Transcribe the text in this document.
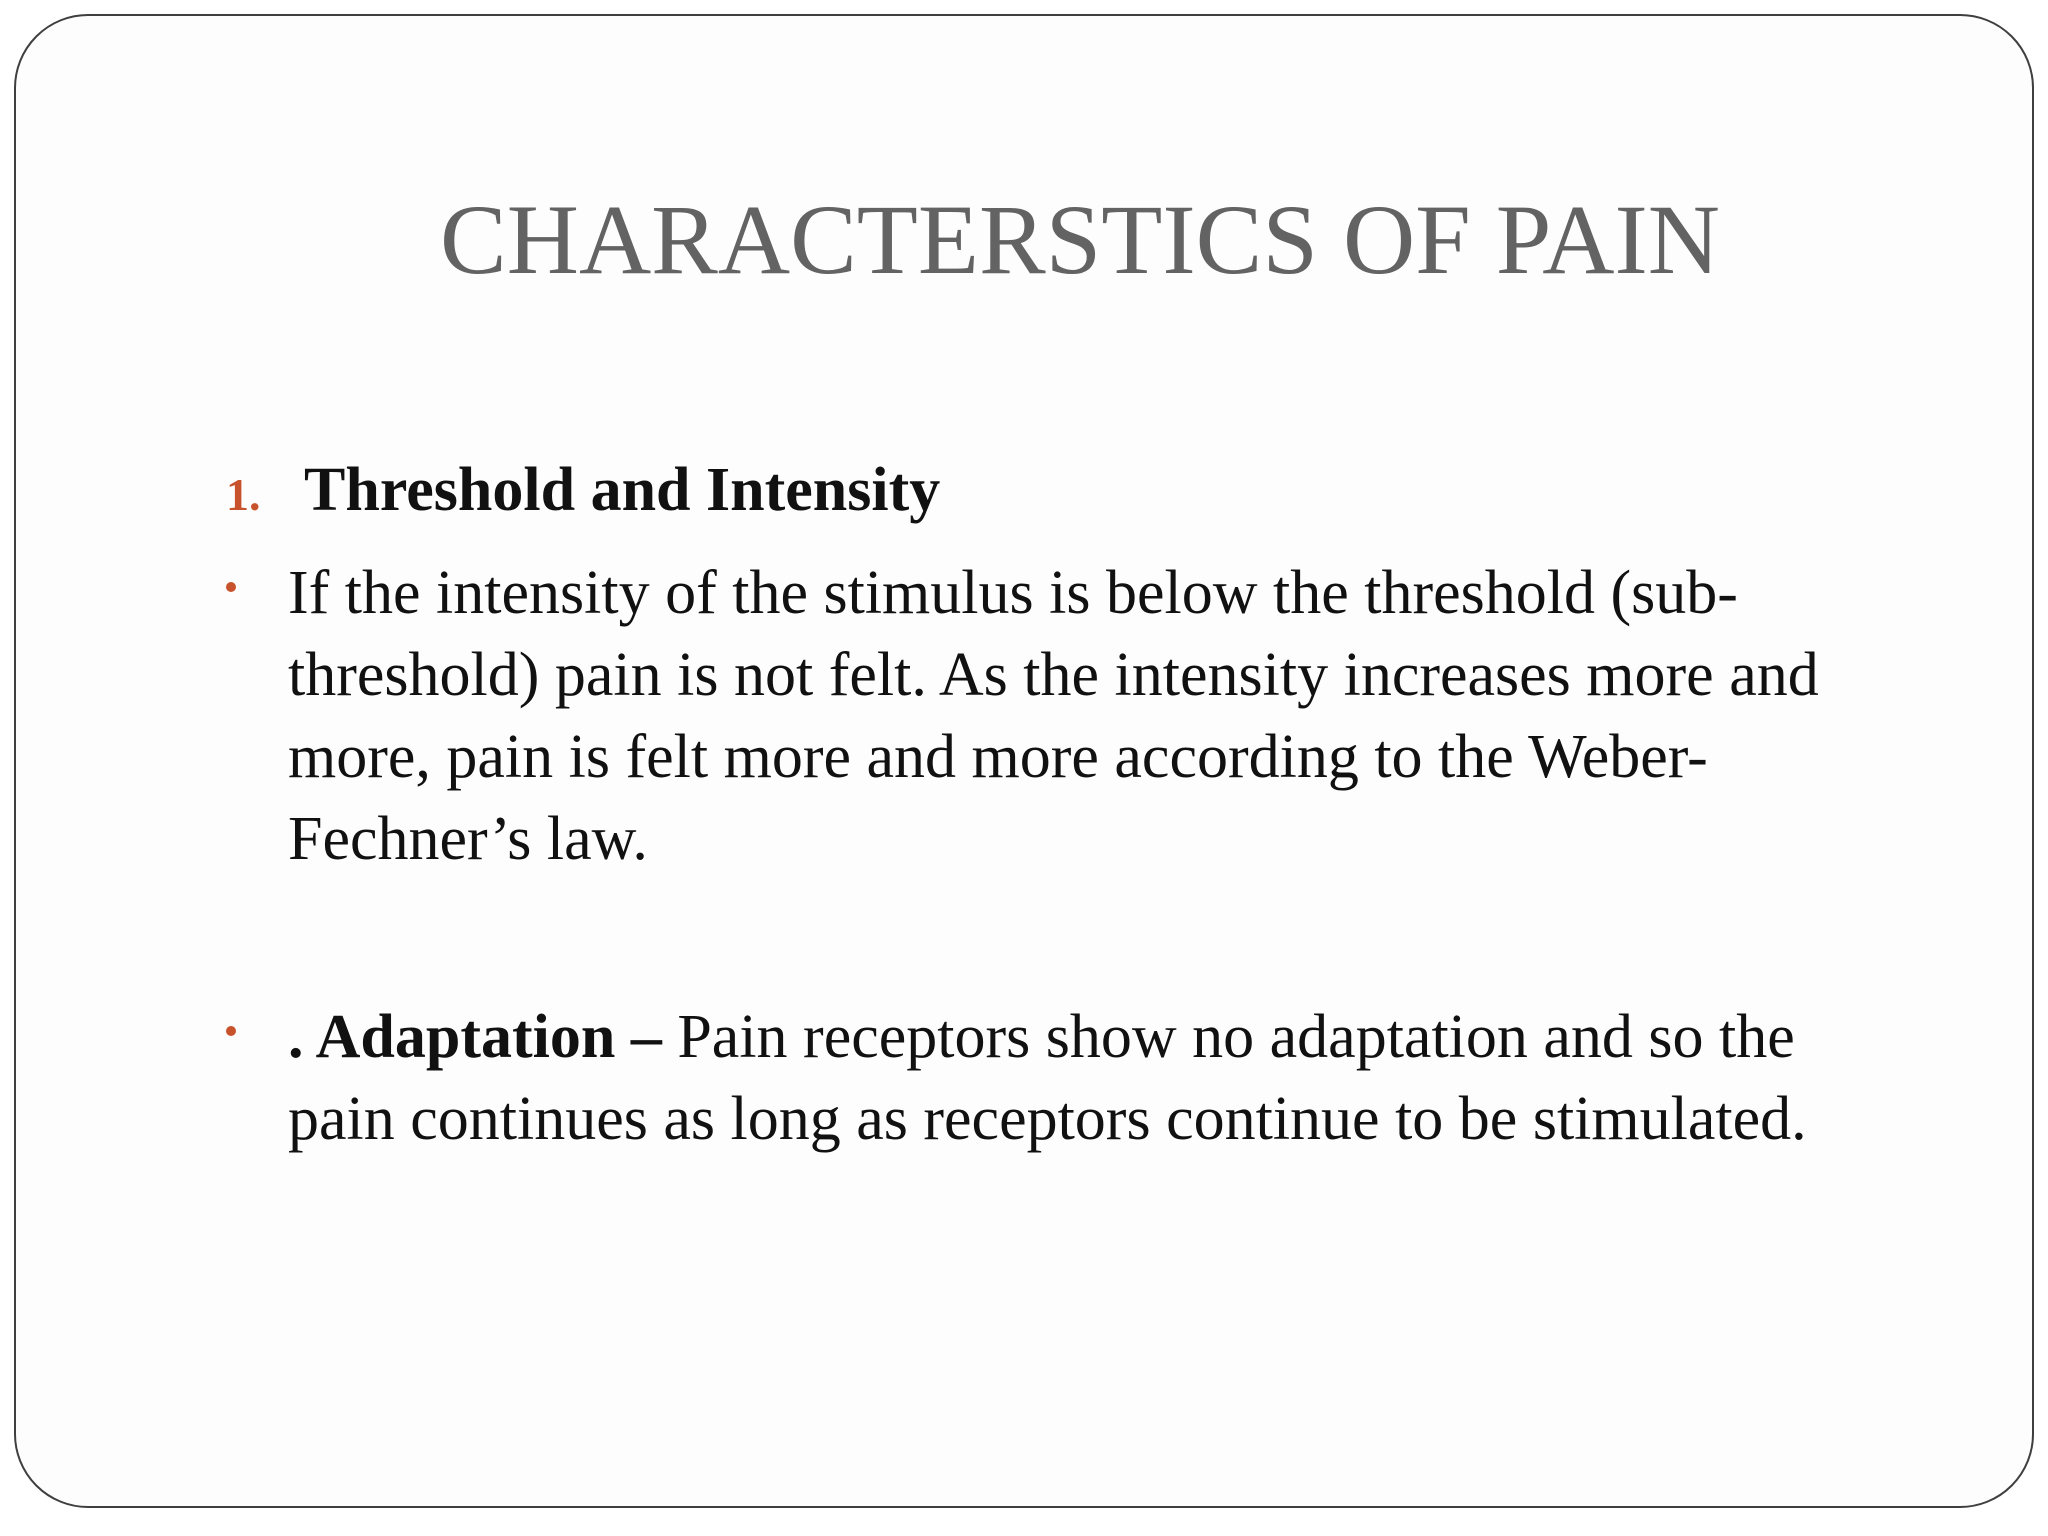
CHARACTERSTICS OF PAIN
1. Threshold and Intensity
If the intensity of the stimulus is below the threshold (sub-threshold) pain is not felt. As the intensity increases more and more, pain is felt more and more according to the Weber-Fechner’s law.
. Adaptation – Pain receptors show no adaptation and so the pain continues as long as receptors continue to be stimulated.
